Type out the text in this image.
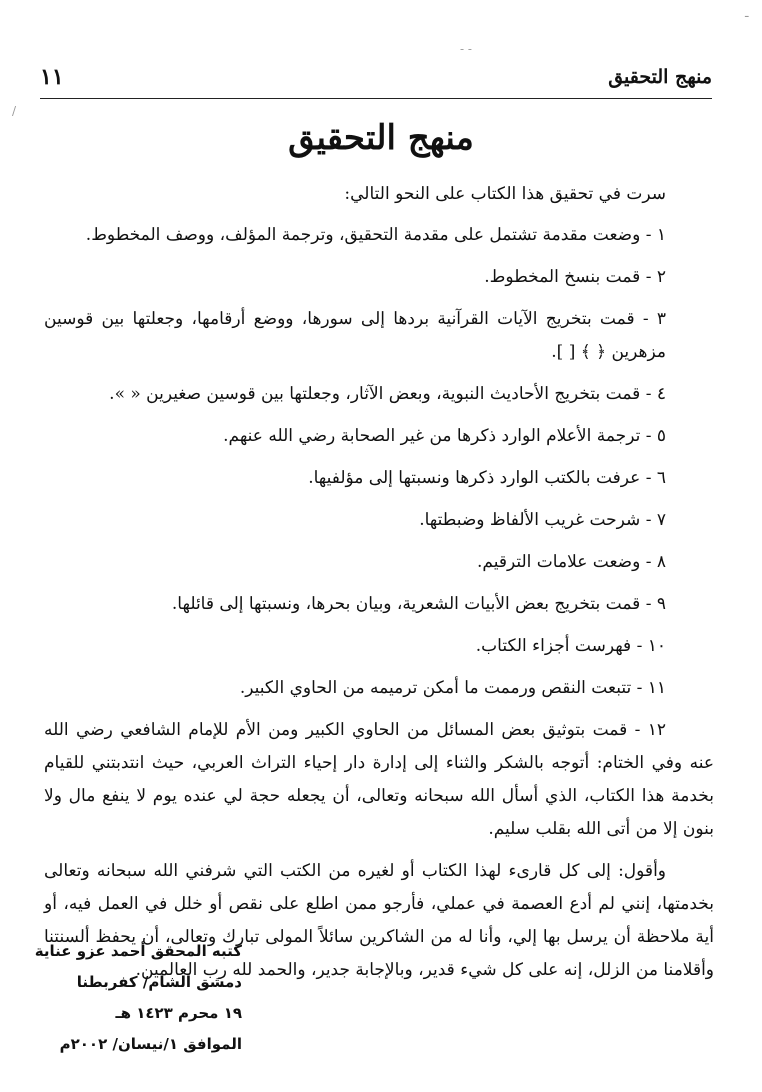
- -
ـ
/
منهج التحقيق
١١
منهج التحقيق

سرت في تحقيق هذا الكتاب على النحو التالي:

١ - وضعت مقدمة تشتمل على مقدمة التحقيق، وترجمة المؤلف، ووصف المخطوط.

٢ - قمت بنسخ المخطوط.

٣ - قمت بتخريج الآيات القرآنية بردها إلى سورها، ووضع أرقامها، وجعلتها بين قوسين مزهرين ﴿ ﴾ [ ].

٤ - قمت بتخريج الأحاديث النبوية، وبعض الآثار، وجعلتها بين قوسين صغيرين « ».

٥ - ترجمة الأعلام الوارد ذكرها من غير الصحابة رضي الله عنهم.

٦ - عرفت بالكتب الوارد ذكرها ونسبتها إلى مؤلفيها.

٧ - شرحت غريب الألفاظ وضبطتها.

٨ - وضعت علامات الترقيم.

٩ - قمت بتخريج بعض الأبيات الشعرية، وبيان بحرها، ونسبتها إلى قائلها.

١٠ - فهرست أجزاء الكتاب.

١١ - تتبعت النقص ورممت ما أمكن ترميمه من الحاوي الكبير.

١٢ - قمت بتوثيق بعض المسائل من الحاوي الكبير ومن الأم للإمام الشافعي رضي الله عنه وفي الختام: أتوجه بالشكر والثناء إلى إدارة دار إحياء التراث العربي، حيث انتدبتني للقيام بخدمة هذا الكتاب، الذي أسأل الله سبحانه وتعالى، أن يجعله حجة لي عنده يوم لا ينفع مال ولا بنون إلا من أتى الله بقلب سليم.

وأقول: إلى كل قارىء لهذا الكتاب أو لغيره من الكتب التي شرفني الله سبحانه وتعالى بخدمتها، إنني لم أدع العصمة في عملي، فأرجو ممن اطلع على نقص أو خلل في العمل فيه، أو أية ملاحظة أن يرسل بها إلي، وأنا له من الشاكرين سائلاً المولى تبارك وتعالى، أن يحفظ ألسنتنا وأقلامنا من الزلل، إنه على كل شيء قدير، وبالإجابة جدير، والحمد لله رب العالمين.

كتبه المحقق أحمد عزو عناية
دمشق الشام/ كفربطنا
١٩ محرم ١٤٢٣ هـ
الموافق ١/نيسان/ ٢٠٠٢م
